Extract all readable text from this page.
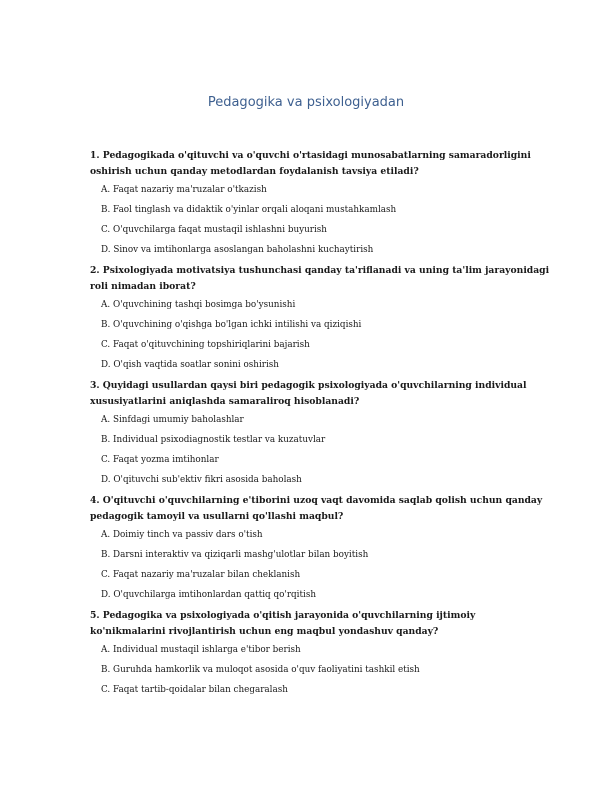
Pedagogika va psixologiyadan

1. Pedagogikada o'qituvchi va o'quvchi o'rtasidagi munosabatlarning samaradorligini oshirish uchun qanday metodlardan foydalanish tavsiya etiladi?

A. Faqat nazariy ma'ruzalar o'tkazish
B. Faol tinglash va didaktik o'yinlar orqali aloqani mustahkamlash
C. O'quvchilarga faqat mustaqil ishlashni buyurish
D. Sinov va imtihonlarga asoslangan baholashni kuchaytirish

2. Psixologiyada motivatsiya tushunchasi qanday ta'riflanadi va uning ta'lim jarayonidagi roli nimadan iborat?

A. O'quvchining tashqi bosimga bo'ysunishi
B. O'quvchining o'qishga bo'lgan ichki intilishi va qiziqishi
C. Faqat o'qituvchining topshiriqlarini bajarish
D. O'qish vaqtida soatlar sonini oshirish

3. Quyidagi usullardan qaysi biri pedagogik psixologiyada o'quvchilarning individual xususiyatlarini aniqlashda samaraliroq hisoblanadi?

A. Sinfdagi umumiy baholashlar
B. Individual psixodiagnostik testlar va kuzatuvlar
C. Faqat yozma imtihonlar
D. O'qituvchi sub'ektiv fikri asosida baholash

4. O'qituvchi o'quvchilarning e'tiborini uzoq vaqt davomida saqlab qolish uchun qanday pedagogik tamoyil va usullarni qo'llashi maqbul?

A. Doimiy tinch va passiv dars o'tish
B. Darsni interaktiv va qiziqarli mashg'ulotlar bilan boyitish
C. Faqat nazariy ma'ruzalar bilan cheklanish
D. O'quvchilarga imtihonlardan qattiq qo'rqitish

5. Pedagogika va psixologiyada o'qitish jarayonida o'quvchilarning ijtimoiy ko'nikmalarini rivojlantirish uchun eng maqbul yondashuv qanday?

A. Individual mustaqil ishlarga e'tibor berish
B. Guruhda hamkorlik va muloqot asosida o'quv faoliyatini tashkil etish
C. Faqat tartib-qoidalar bilan chegaralash
